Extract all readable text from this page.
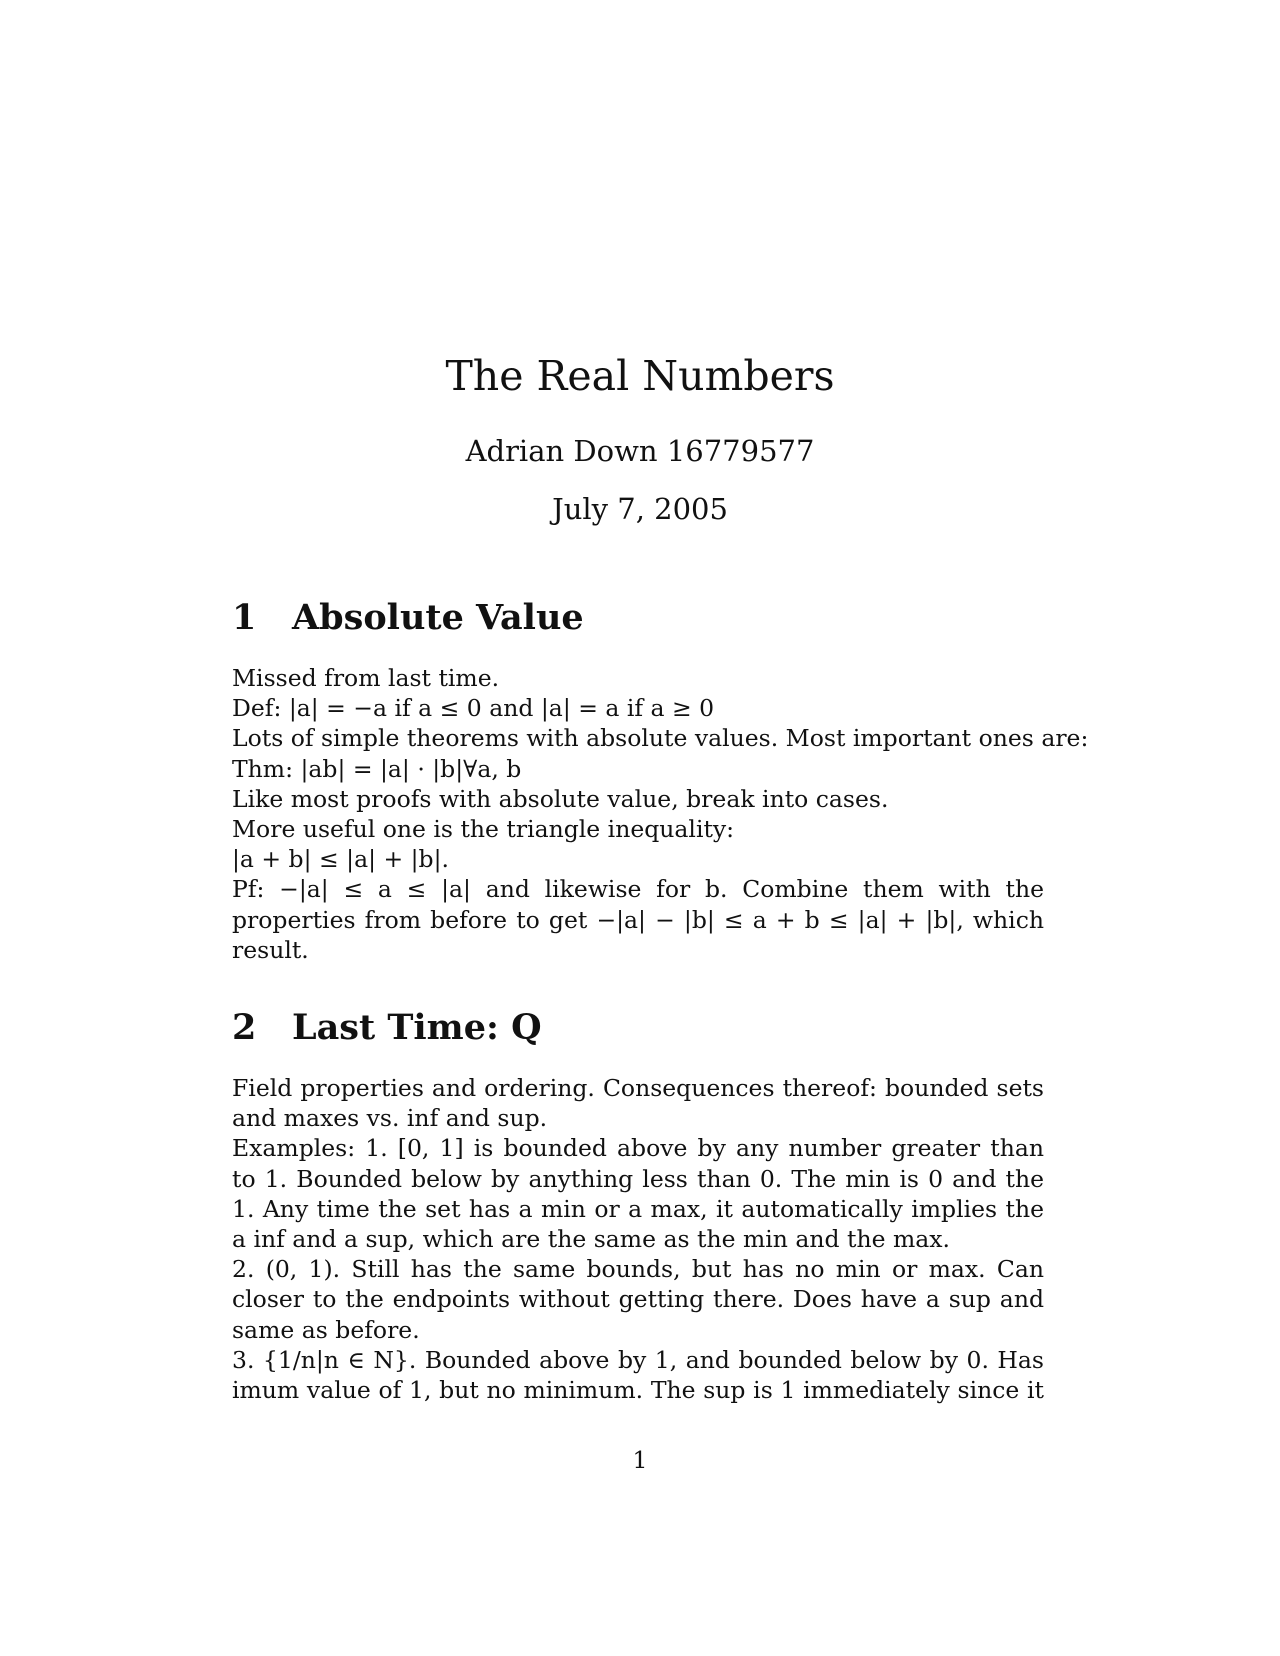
The Real Numbers
Adrian Down 16779577
July 7, 2005
1 Absolute Value
Missed from last time.
Def: |a| = −a if a ≤ 0 and |a| = a if a ≥ 0
Lots of simple theorems with absolute values. Most important ones are:
Thm: |ab| = |a| · |b|∀a, b
Like most proofs with absolute value, break into cases.
More useful one is the triangle inequality:
|a + b| ≤ |a| + |b|.
Pf: −|a| ≤ a ≤ |a| and likewise for b. Combine them with the
properties from before to get −|a| − |b| ≤ a + b ≤ |a| + |b|, which
result.
2 Last Time: Q
Field properties and ordering. Consequences thereof: bounded sets
and maxes vs. inf and sup.
Examples: 1. [0, 1] is bounded above by any number greater than
to 1. Bounded below by anything less than 0. The min is 0 and the
1. Any time the set has a min or a max, it automatically implies the
a inf and a sup, which are the same as the min and the max.
2. (0, 1). Still has the same bounds, but has no min or max. Can
closer to the endpoints without getting there. Does have a sup and
same as before.
3. {1/n|n ∈ N}. Bounded above by 1, and bounded below by 0. Has
imum value of 1, but no minimum. The sup is 1 immediately since it
1
